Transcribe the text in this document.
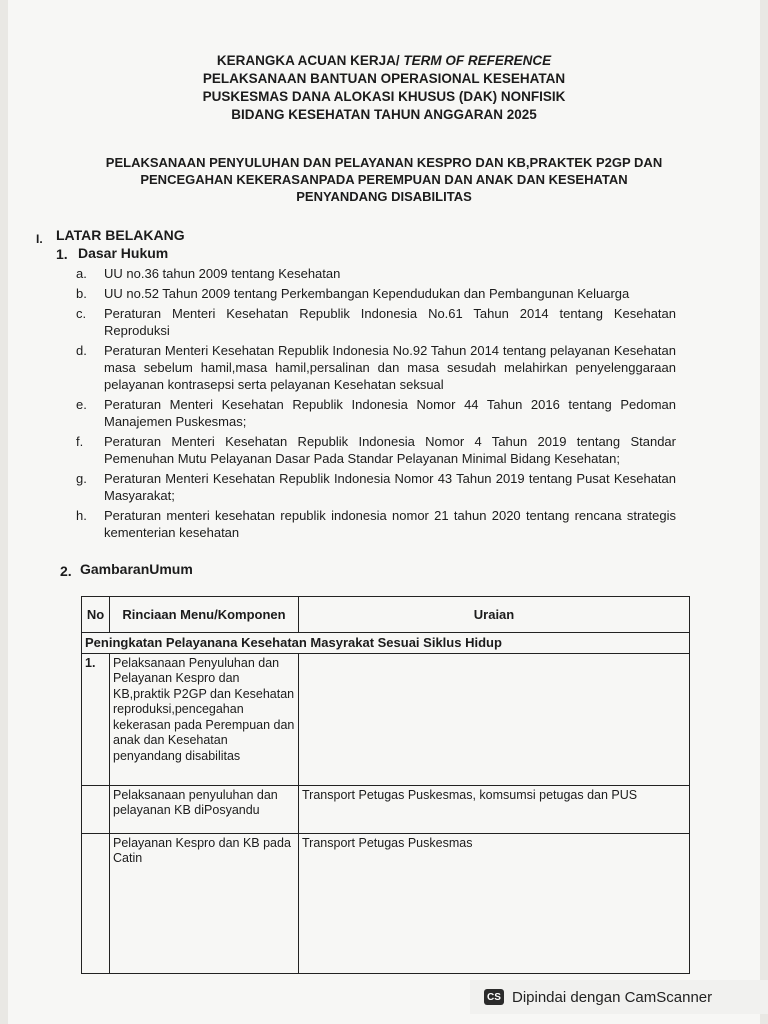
KERANGKA ACUAN KERJA/ TERM OF REFERENCE
PELAKSANAAN BANTUAN OPERASIONAL KESEHATAN
PUSKESMAS DANA ALOKASI KHUSUS (DAK) NONFISIK
BIDANG KESEHATAN TAHUN ANGGARAN 2025
PELAKSANAAN PENYULUHAN DAN PELAYANAN KESPRO DAN KB,PRAKTEK P2GP DAN
PENCEGAHAN KEKERASANPADA PEREMPUAN DAN ANAK DAN KESEHATAN
PENYANDANG DISABILITAS
I. LATAR BELAKANG
1. Dasar Hukum
a.	UU no.36 tahun 2009 tentang Kesehatan
b.	UU no.52 Tahun 2009 tentang Perkembangan Kependudukan dan Pembangunan Keluarga
c.	Peraturan Menteri Kesehatan Republik Indonesia No.61 Tahun 2014 tentang Kesehatan Reproduksi
d.	Peraturan Menteri Kesehatan Republik Indonesia No.92 Tahun 2014 tentang pelayanan Kesehatan masa sebelum hamil,masa hamil,persalinan dan masa sesudah melahirkan penyelenggaraan pelayanan kontrasepsi serta pelayanan Kesehatan seksual
e.	Peraturan Menteri Kesehatan Republik Indonesia Nomor 44 Tahun 2016 tentang Pedoman Manajemen Puskesmas;
f.	Peraturan Menteri Kesehatan Republik Indonesia Nomor 4 Tahun 2019 tentang Standar Pemenuhan Mutu Pelayanan Dasar Pada Standar Pelayanan Minimal Bidang Kesehatan;
g.	Peraturan Menteri Kesehatan Republik Indonesia Nomor 43 Tahun 2019 tentang Pusat Kesehatan Masyarakat;
h.	Peraturan menteri kesehatan republik indonesia nomor 21 tahun 2020 tentang rencana strategis kementerian kesehatan
2. GambaranUmum
No	Rinciaan Menu/Komponen	Uraian
Peningkatan Pelayanana Kesehatan Masyrakat Sesuai Siklus Hidup		
1.	Pelaksanaan Penyuluhan dan Pelayanan Kespro dan KB,praktik P2GP dan Kesehatan reproduksi,pencegahan kekerasan pada Perempuan dan anak dan Kesehatan penyandang disabilitas	
	Pelaksanaan penyuluhan dan pelayanan KB diPosyandu	Transport Petugas Puskesmas, komsumsi petugas dan PUS
	Pelayanan Kespro dan KB pada Catin	Transport Petugas Puskesmas
CS Dipindai dengan CamScanner
